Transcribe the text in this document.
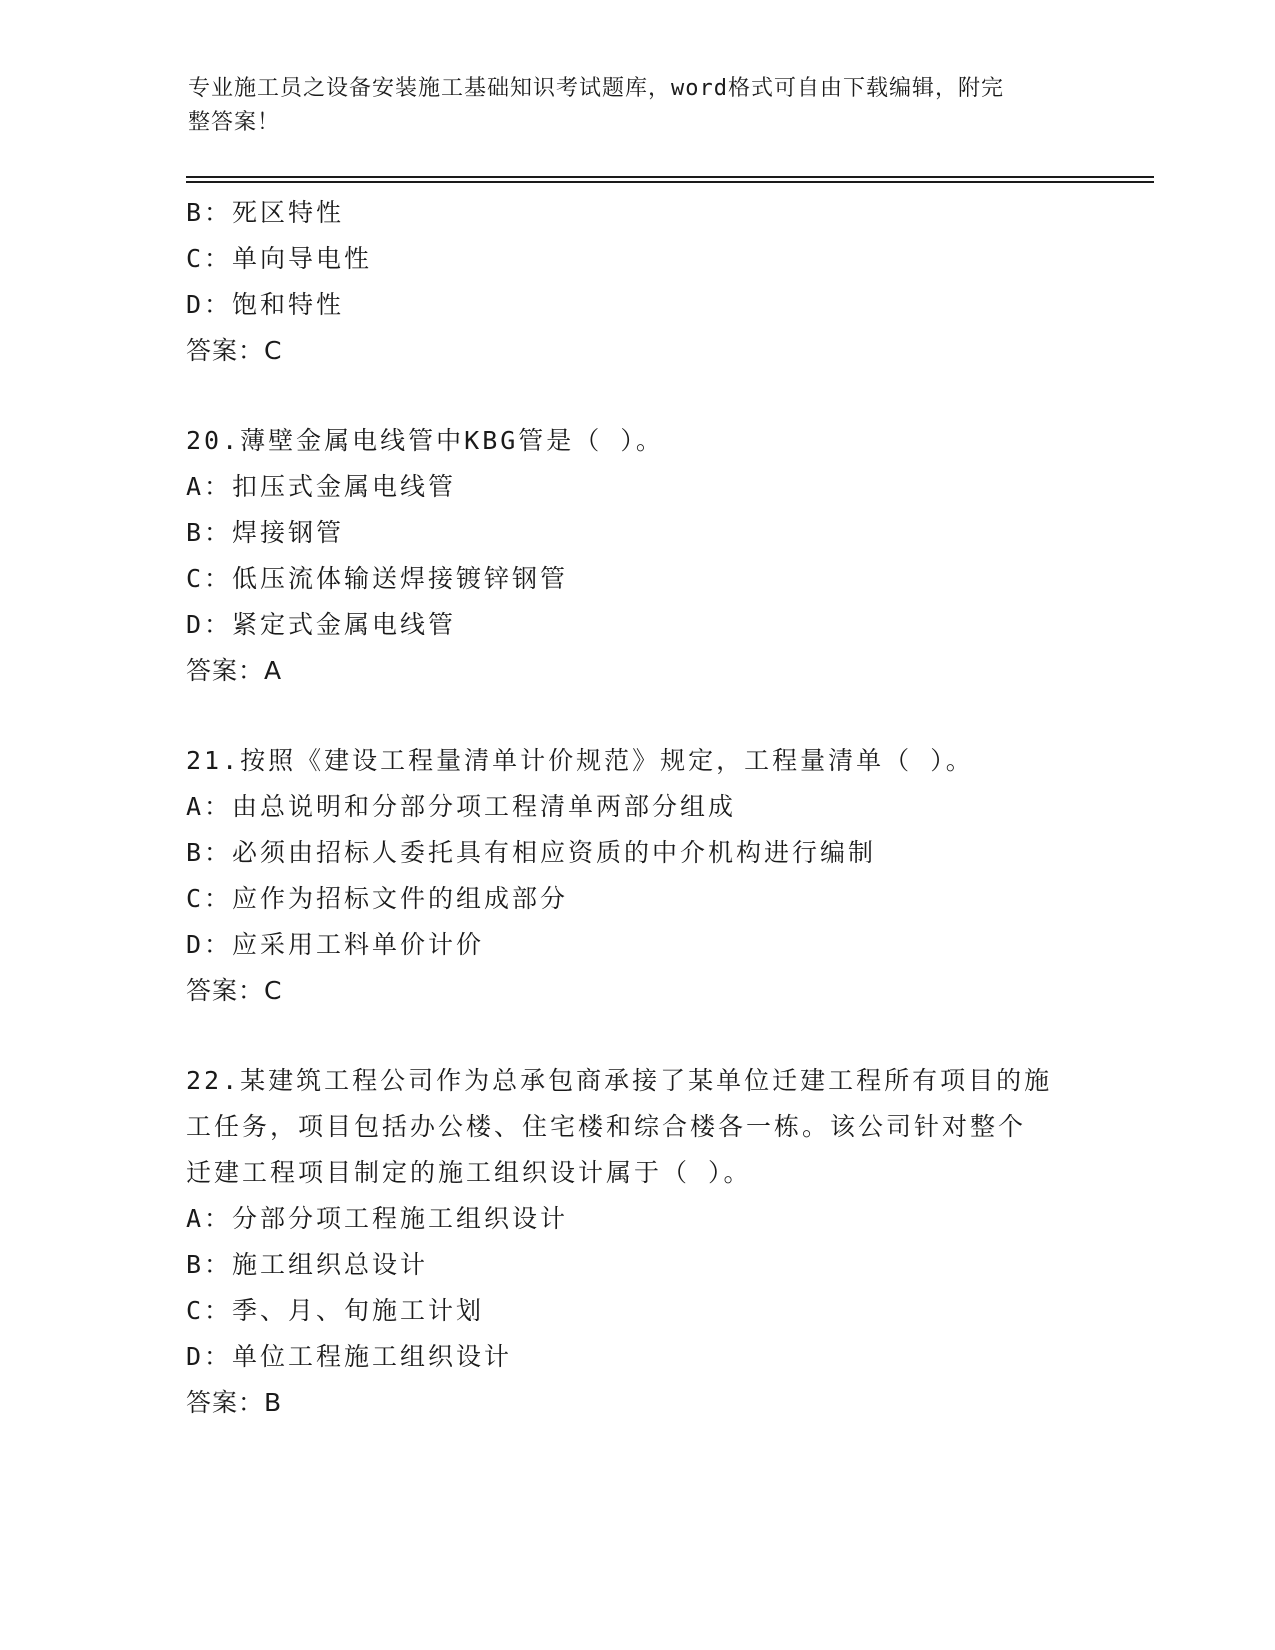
专业施工员之设备安装施工基础知识考试题库，word格式可自由下载编辑，附完
整答案！
B：死区特性
C：单向导电性
D：饱和特性
答案：C
20.薄壁金属电线管中KBG管是（ ）。
A：扣压式金属电线管
B：焊接钢管
C：低压流体输送焊接镀锌钢管
D：紧定式金属电线管
答案：A
21.按照《建设工程量清单计价规范》规定，工程量清单（ ）。
A：由总说明和分部分项工程清单两部分组成
B：必须由招标人委托具有相应资质的中介机构进行编制
C：应作为招标文件的组成部分
D：应采用工料单价计价
答案：C
22.某建筑工程公司作为总承包商承接了某单位迁建工程所有项目的施
工任务，项目包括办公楼、住宅楼和综合楼各一栋。该公司针对整个
迁建工程项目制定的施工组织设计属于（ ）。
A：分部分项工程施工组织设计
B：施工组织总设计
C：季、月、旬施工计划
D：单位工程施工组织设计
答案：B
